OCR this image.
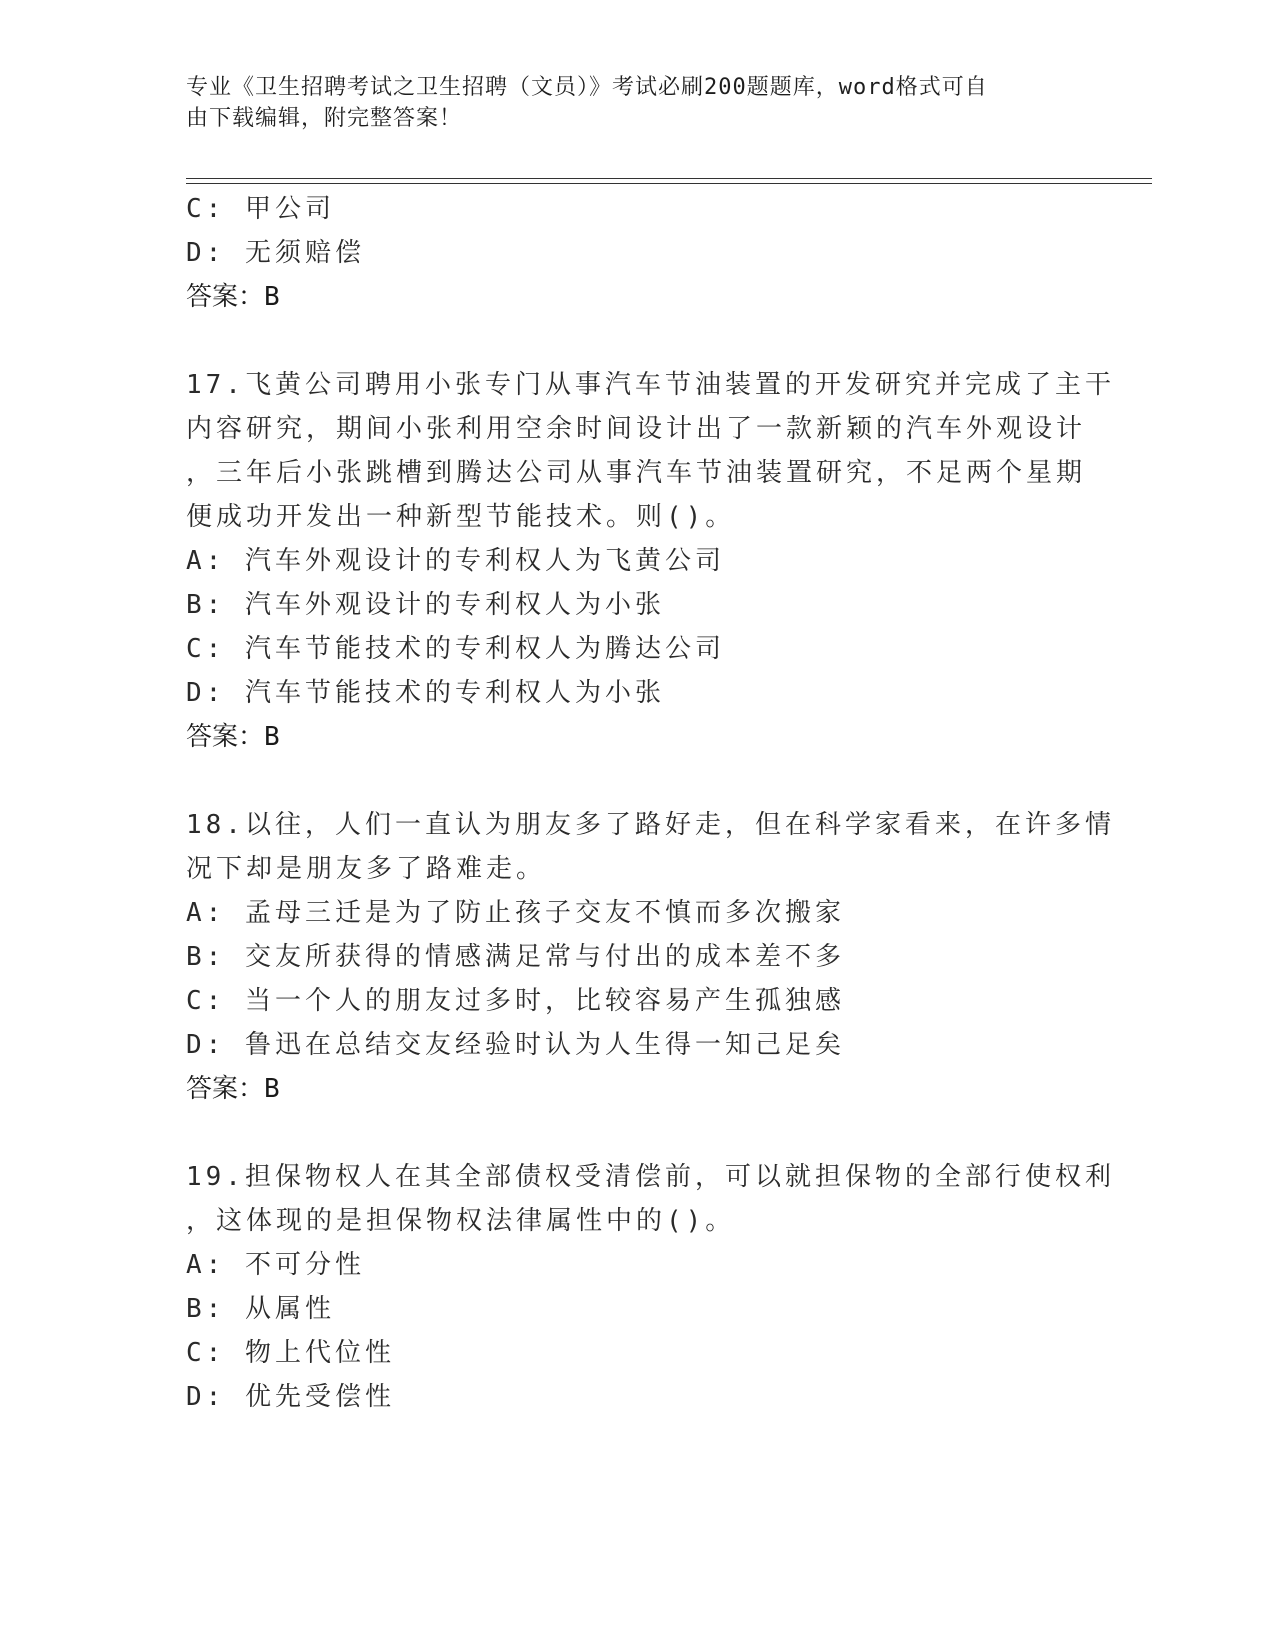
专业《卫生招聘考试之卫生招聘（文员）》考试必刷200题题库，word格式可自
由下载编辑，附完整答案！
C: 甲公司
D: 无须赔偿
答案：B
17.飞黄公司聘用小张专门从事汽车节油装置的开发研究并完成了主干
内容研究，期间小张利用空余时间设计出了一款新颖的汽车外观设计
，三年后小张跳槽到腾达公司从事汽车节油装置研究，不足两个星期
便成功开发出一种新型节能技术。则()。
A: 汽车外观设计的专利权人为飞黄公司
B: 汽车外观设计的专利权人为小张
C: 汽车节能技术的专利权人为腾达公司
D: 汽车节能技术的专利权人为小张
答案：B
18.以往，人们一直认为朋友多了路好走，但在科学家看来，在许多情
况下却是朋友多了路难走。
A: 孟母三迁是为了防止孩子交友不慎而多次搬家
B: 交友所获得的情感满足常与付出的成本差不多
C: 当一个人的朋友过多时，比较容易产生孤独感
D: 鲁迅在总结交友经验时认为人生得一知己足矣
答案：B
19.担保物权人在其全部债权受清偿前，可以就担保物的全部行使权利
，这体现的是担保物权法律属性中的()。
A: 不可分性
B: 从属性
C: 物上代位性
D: 优先受偿性
